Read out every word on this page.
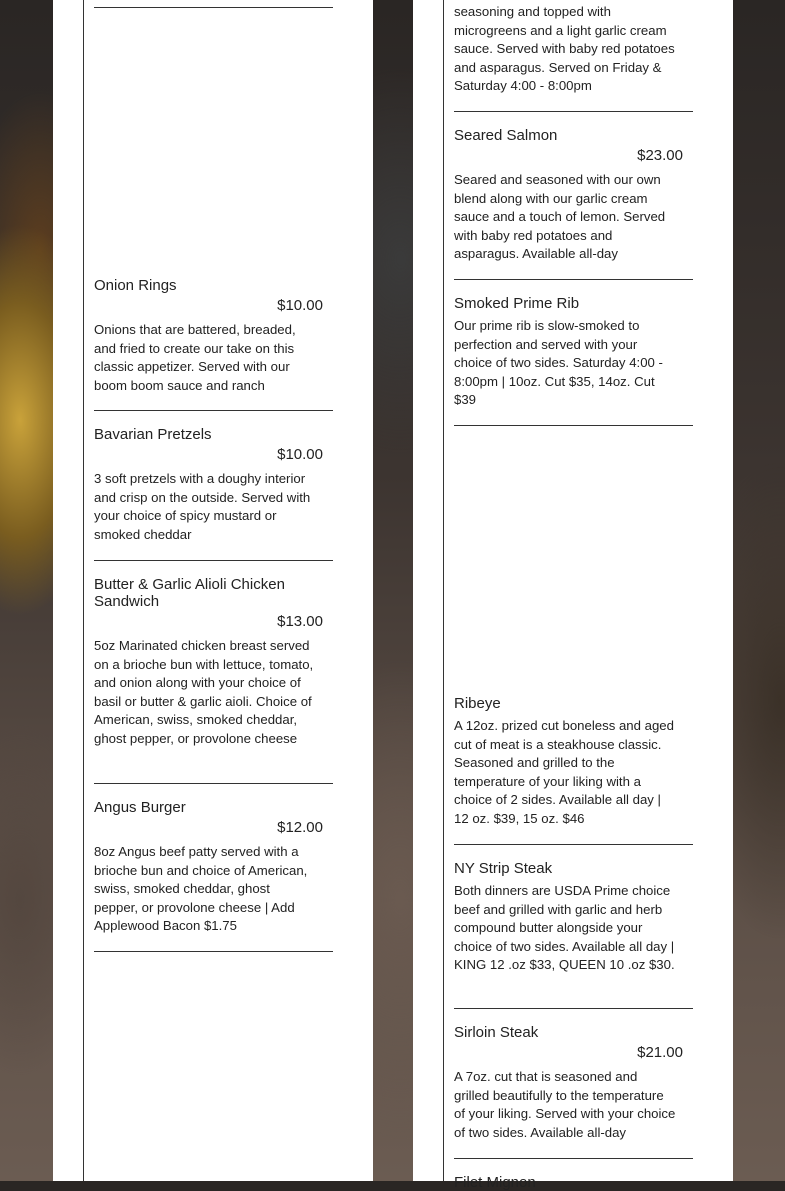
Onion Rings
$10.00
Onions that are battered, breaded, and fried to create our take on this classic appetizer. Served with our boom boom sauce and ranch
Bavarian Pretzels
$10.00
3 soft pretzels with a doughy interior and crisp on the outside. Served with your choice of spicy mustard or smoked cheddar
Butter & Garlic Alioli Chicken Sandwich
$13.00
5oz Marinated chicken breast served on a brioche bun with lettuce, tomato, and onion along with your choice of basil or butter & garlic aioli. Choice of American, swiss, smoked cheddar, ghost pepper, or provolone cheese
Angus Burger
$12.00
8oz Angus beef patty served with a brioche bun and choice of American, swiss, smoked cheddar, ghost pepper, or provolone cheese | Add Applewood Bacon $1.75
seasoning and topped with microgreens and a light garlic cream sauce. Served with baby red potatoes and asparagus. Served on Friday & Saturday 4:00 - 8:00pm
Seared Salmon
$23.00
Seared and seasoned with our own blend along with our garlic cream sauce and a touch of lemon. Served with baby red potatoes and asparagus. Available all-day
Smoked Prime Rib
Our prime rib is slow-smoked to perfection and served with your choice of two sides. Saturday 4:00 - 8:00pm | 10oz. Cut $35, 14oz. Cut $39
Ribeye
A 12oz. prized cut boneless and aged cut of meat is a steakhouse classic. Seasoned and grilled to the temperature of your liking with a choice of 2 sides. Available all day | 12 oz. $39, 15 oz. $46
NY Strip Steak
Both dinners are USDA Prime choice beef and grilled with garlic and herb compound butter alongside your choice of two sides. Available all day | KING 12 .oz $33, QUEEN 10 .oz $30.
Sirloin Steak
$21.00
A 7oz. cut that is seasoned and grilled beautifully to the temperature of your liking. Served with your choice of two sides. Available all-day
Filet Mignon
